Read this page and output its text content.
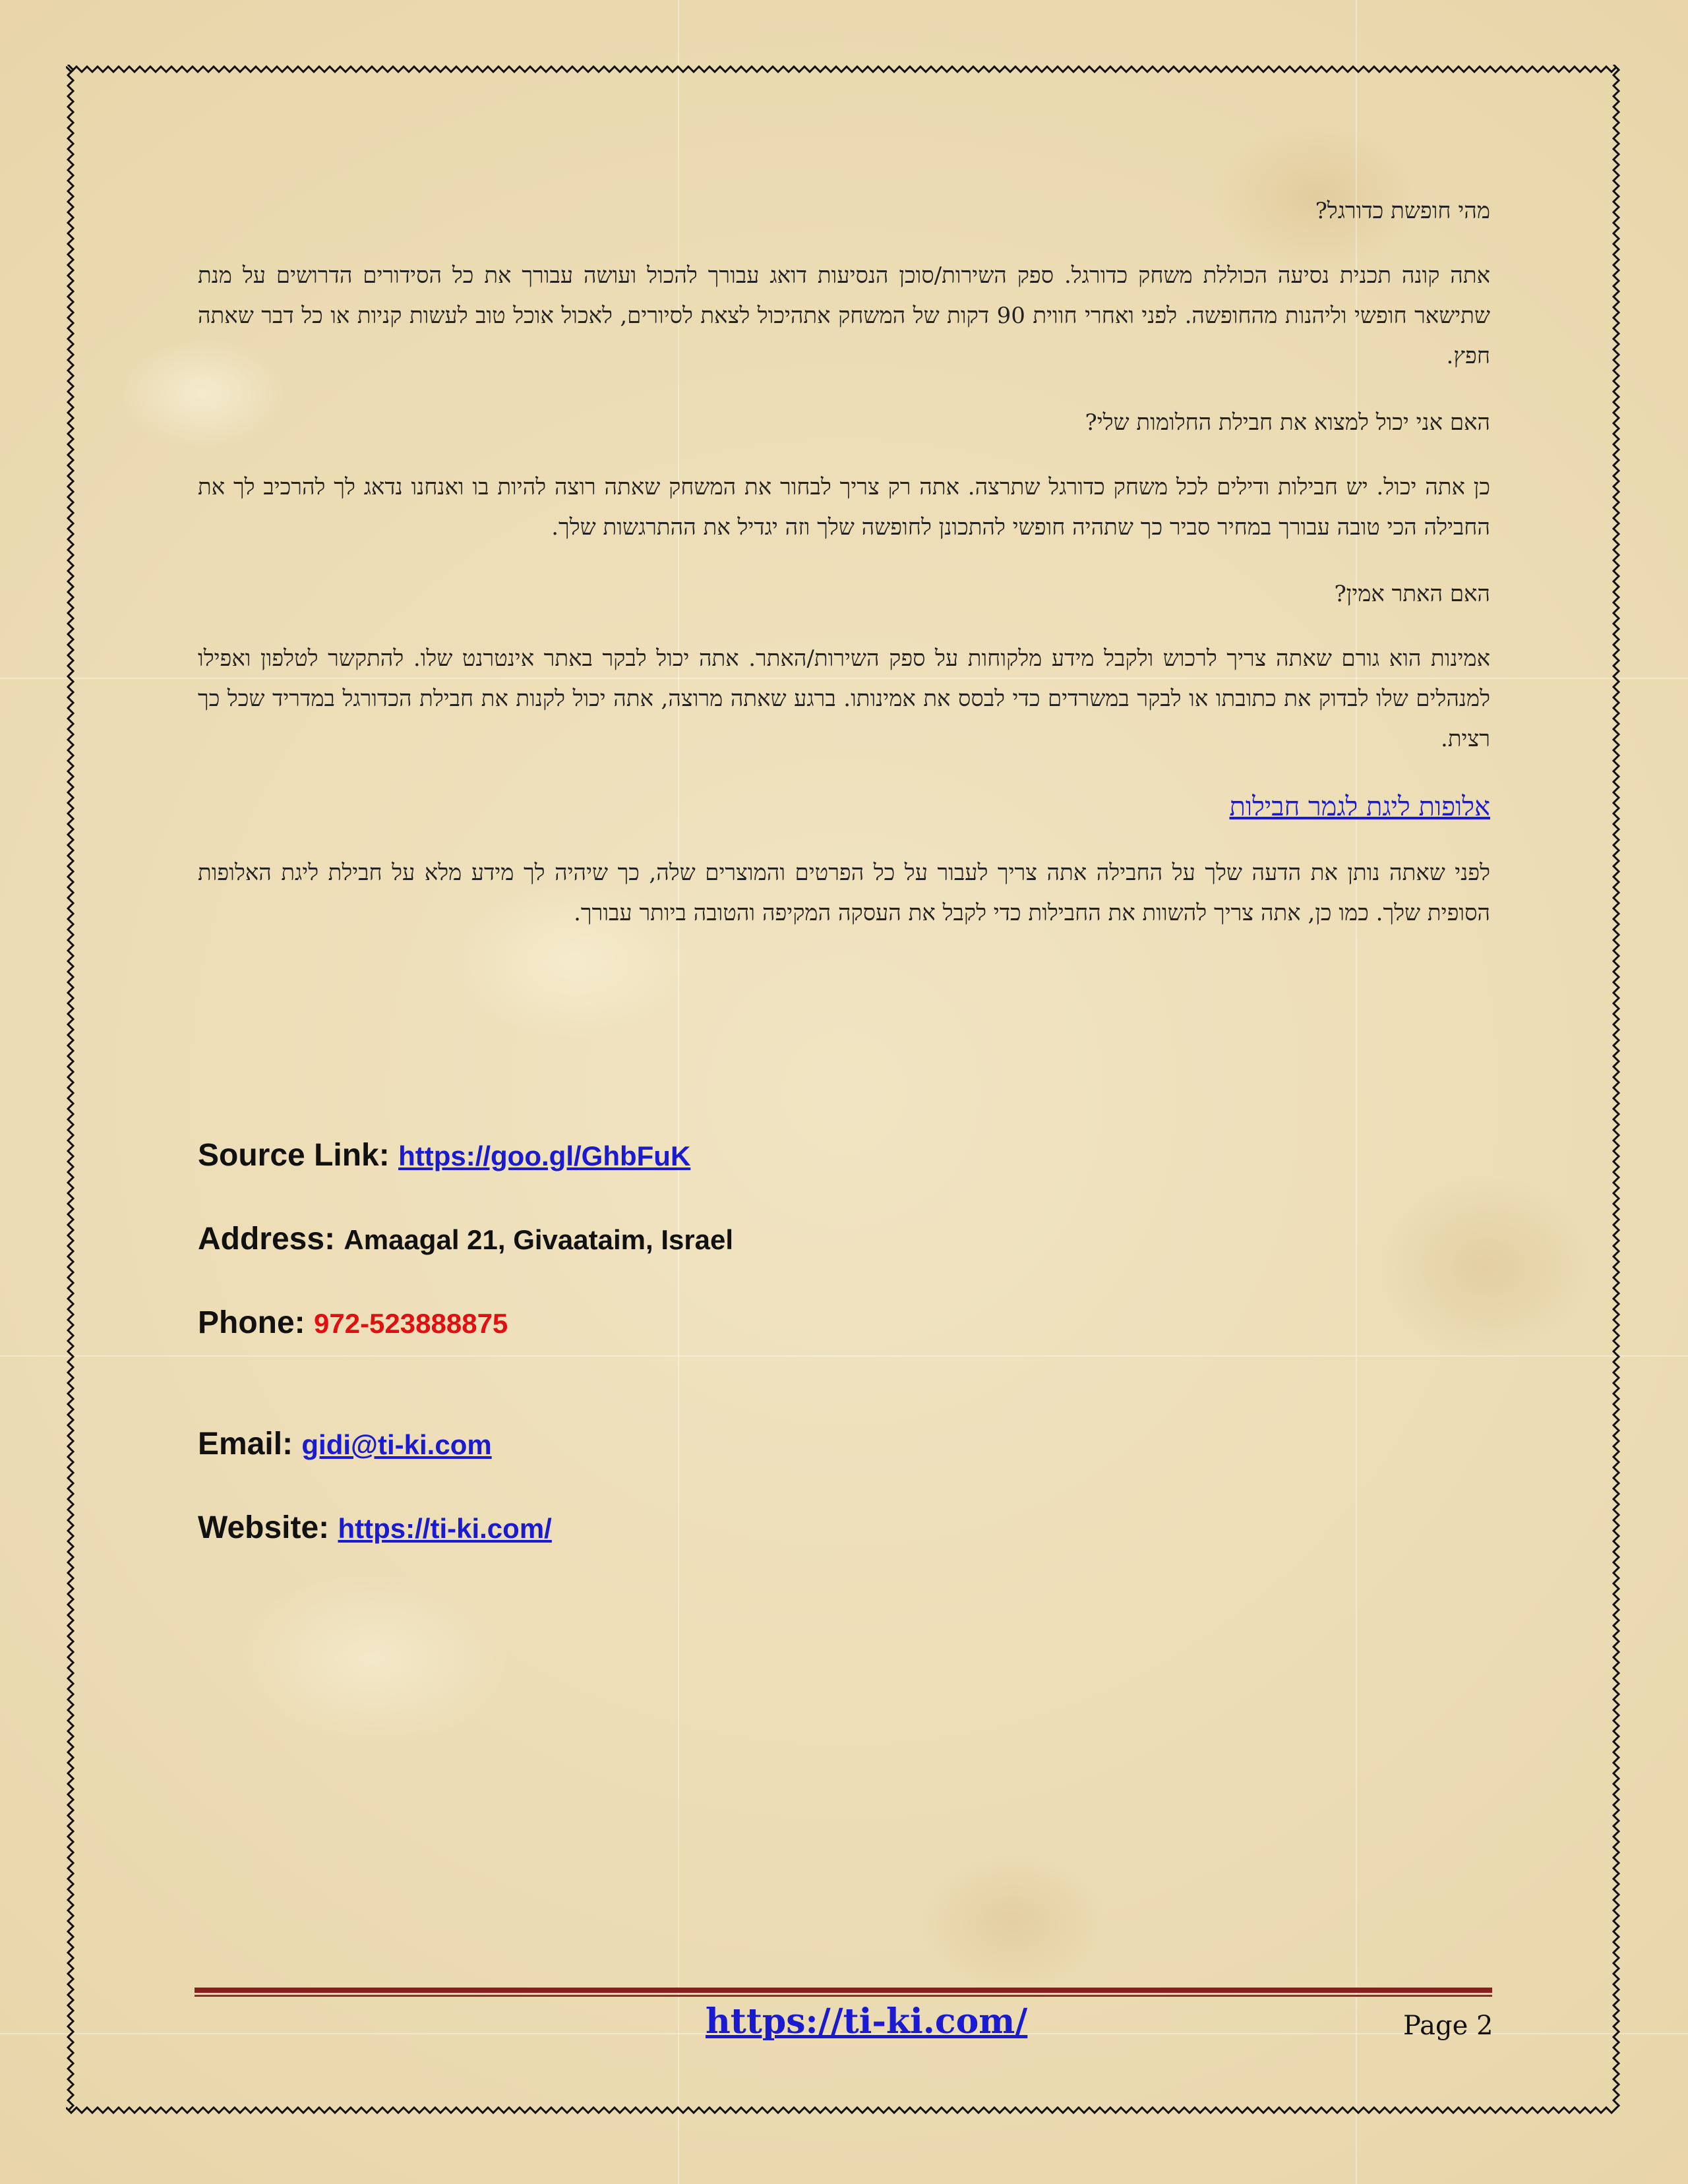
מהי חופשת כדורגל?

אתה קונה תכנית נסיעה הכוללת משחק כדורגל. ספק השירות/סוכן הנסיעות דואג עבורך להכול ועושה עבורך את כל הסידורים הדרושים על מנת שתישאר חופשי וליהנות מהחופשה. לפני ואחרי חווית 90 דקות של המשחק אתהיכול לצאת לסיורים, לאכול אוכל טוב לעשות קניות או כל דבר שאתה חפץ.

האם אני יכול למצוא את חבילת החלומות שלי?

כן אתה יכול. יש חבילות ודילים לכל משחק כדורגל שתרצה. אתה רק צריך לבחור את המשחק שאתה רוצה להיות בו ואנחנו נדאג לך להרכיב לך את החבילה הכי טובה עבורך במחיר סביר כך שתהיה חופשי להתכונן לחופשה שלך וזה יגדיל את ההתרגשות שלך.

האם האתר אמין?

אמינות הוא גורם שאתה צריך לרכוש ולקבל מידע מלקוחות על ספק השירות/האתר. אתה יכול לבקר באתר אינטרנט שלו. להתקשר לטלפון ואפילו למנהלים שלו לבדוק את כתובתו או לבקר במשרדים כדי לבסס את אמינותו. ברגע שאתה מרוצה, אתה יכול לקנות את חבילת הכדורגל במדריד שכל כך רצית.

אלופות ליגת לגמר חבילות

לפני שאתה נותן את הדעה שלך על החבילה אתה צריך לעבור על כל הפרטים והמוצרים שלה, כך שיהיה לך מידע מלא על חבילת ליגת האלופות הסופית שלך. כמו כן, אתה צריך להשוות את החבילות כדי לקבל את העסקה המקיפה והטובה ביותר עבורך.

Source Link: https://goo.gl/GhbFuK
Address: Amaagal 21, Givaataim, Israel
Phone: 972-523888875
Email: gidi@ti-ki.com
Website: https://ti-ki.com/
https://ti-ki.com/	Page 2
